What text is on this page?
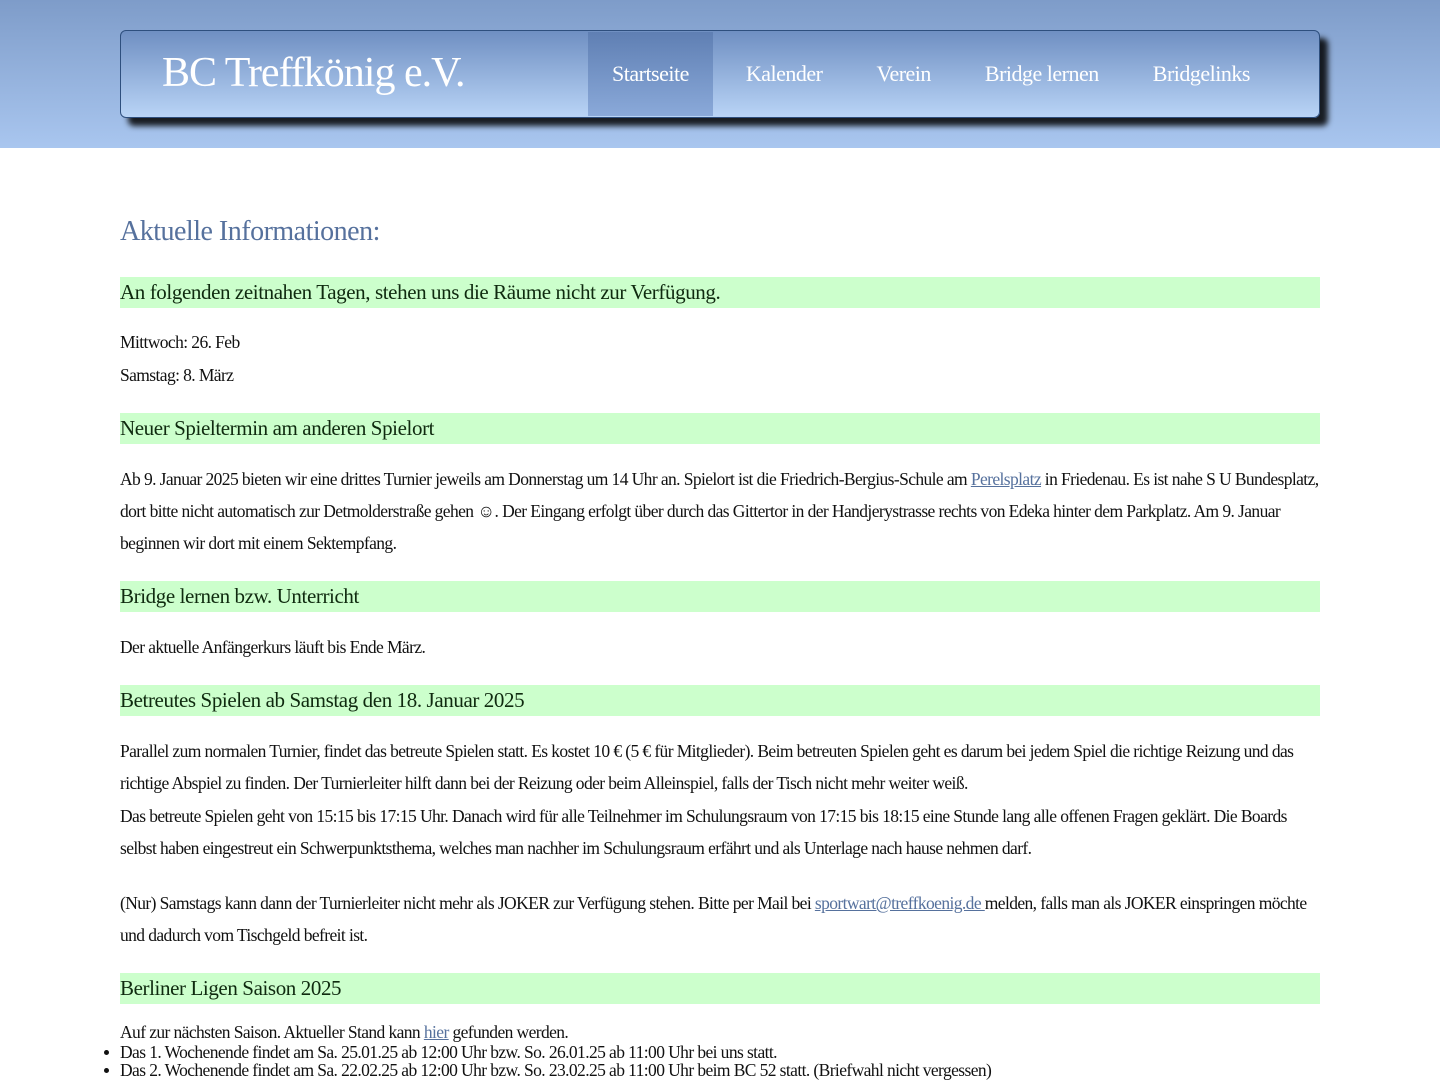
BC Treffkönig e.V.	Startseite	Kalender	Verein	Bridge lernen	Bridgelinks
Aktuelle Informationen:
An folgenden zeitnahen Tagen, stehen uns die Räume nicht zur Verfügung.
Mittwoch: 26. Feb
Samstag: 8. März
Neuer Spieltermin am anderen Spielort
Ab 9. Januar 2025 bieten wir eine drittes Turnier jeweils am Donnerstag um 14 Uhr an. Spielort ist die Friedrich-Bergius-Schule am Perelsplatz in Friedenau. Es ist nahe S U Bundesplatz, dort bitte nicht automatisch zur Detmolderstraße gehen ☺. Der Eingang erfolgt über durch das Gittertor in der Handjerystrasse rechts von Edeka hinter dem Parkplatz. Am 9. Januar beginnen wir dort mit einem Sektempfang.
Bridge lernen bzw. Unterricht
Der aktuelle Anfängerkurs läuft bis Ende März.
Betreutes Spielen ab Samstag den 18. Januar 2025
Parallel zum normalen Turnier, findet das betreute Spielen statt. Es kostet 10 € (5 € für Mitglieder). Beim betreuten Spielen geht es darum bei jedem Spiel die richtige Reizung und das richtige Abspiel zu finden. Der Turnierleiter hilft dann bei der Reizung oder beim Alleinspiel, falls der Tisch nicht mehr weiter weiß.
Das betreute Spielen geht von 15:15 bis 17:15 Uhr. Danach wird für alle Teilnehmer im Schulungsraum von 17:15 bis 18:15 eine Stunde lang alle offenen Fragen geklärt. Die Boards selbst haben eingestreut ein Schwerpunktsthema, welches man nachher im Schulungsraum erfährt und als Unterlage nach hause nehmen darf.
(Nur) Samstags kann dann der Turnierleiter nicht mehr als JOKER zur Verfügung stehen. Bitte per Mail bei sportwart@treffkoenig.de melden, falls man als JOKER einspringen möchte und dadurch vom Tischgeld befreit ist.
Berliner Ligen Saison 2025
Auf zur nächsten Saison. Aktueller Stand kann hier gefunden werden.
Das 1. Wochenende findet am Sa. 25.01.25 ab 12:00 Uhr bzw. So. 26.01.25 ab 11:00 Uhr bei uns statt.
Das 2. Wochenende findet am Sa. 22.02.25 ab 12:00 Uhr bzw. So. 23.02.25 ab 11:00 Uhr beim BC 52 statt. (Briefwahl nicht vergessen)
